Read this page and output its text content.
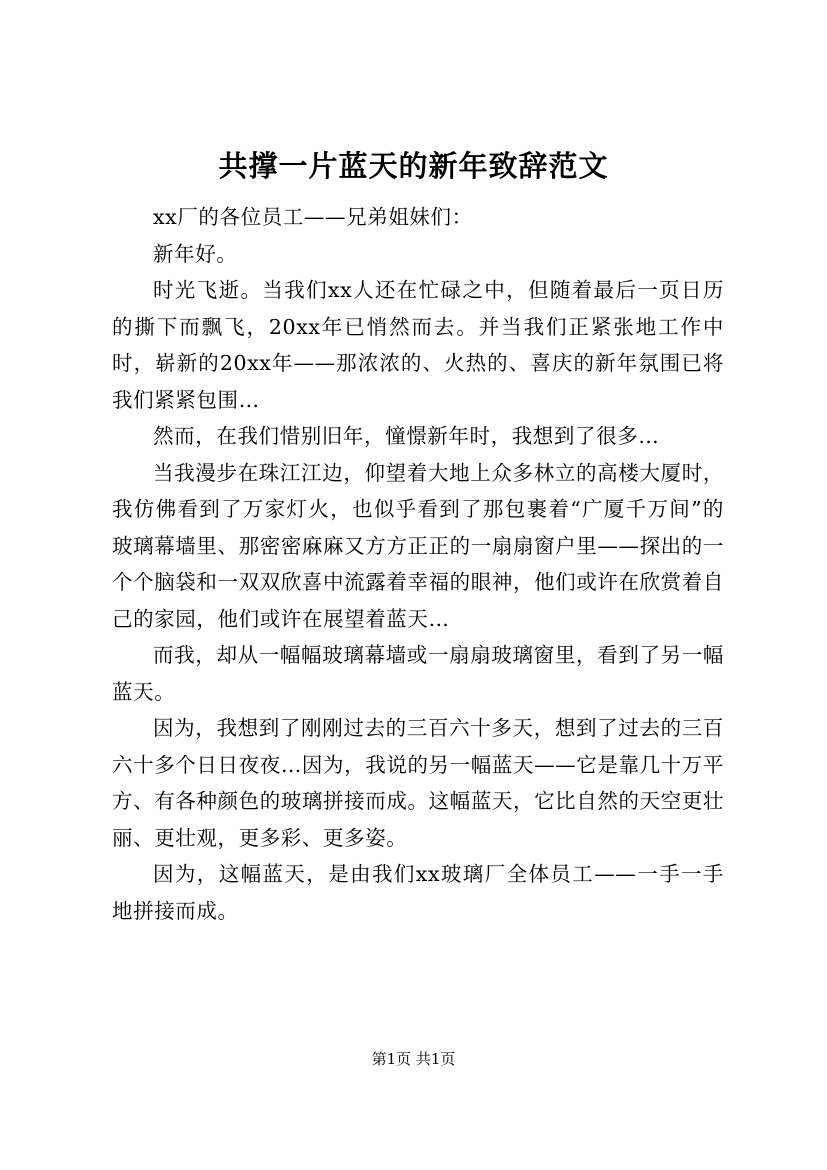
共撑一片蓝天的新年致辞范文

xx厂的各位员工——兄弟姐妹们：

新年好。

时光飞逝。当我们xx人还在忙碌之中，但随着最后一页日历的撕下而飘飞，20xx年已悄然而去。并当我们正紧张地工作中时，崭新的20xx年——那浓浓的、火热的、喜庆的新年氛围已将我们紧紧包围…

然而，在我们惜别旧年，憧憬新年时，我想到了很多…

当我漫步在珠江江边，仰望着大地上众多林立的高楼大厦时，我仿佛看到了万家灯火，也似乎看到了那包裹着“广厦千万间”的玻璃幕墙里、那密密麻麻又方方正正的一扇扇窗户里——探出的一个个脑袋和一双双欣喜中流露着幸福的眼神，他们或许在欣赏着自己的家园，他们或许在展望着蓝天…

而我，却从一幅幅玻璃幕墙或一扇扇玻璃窗里，看到了另一幅蓝天。

因为，我想到了刚刚过去的三百六十多天，想到了过去的三百六十多个日日夜夜…因为，我说的另一幅蓝天——它是靠几十万平方、有各种颜色的玻璃拼接而成。这幅蓝天，它比自然的天空更壮丽、更壮观，更多彩、更多姿。

因为，这幅蓝天，是由我们xx玻璃厂全体员工——一手一手地拼接而成。

第1页 共1页
